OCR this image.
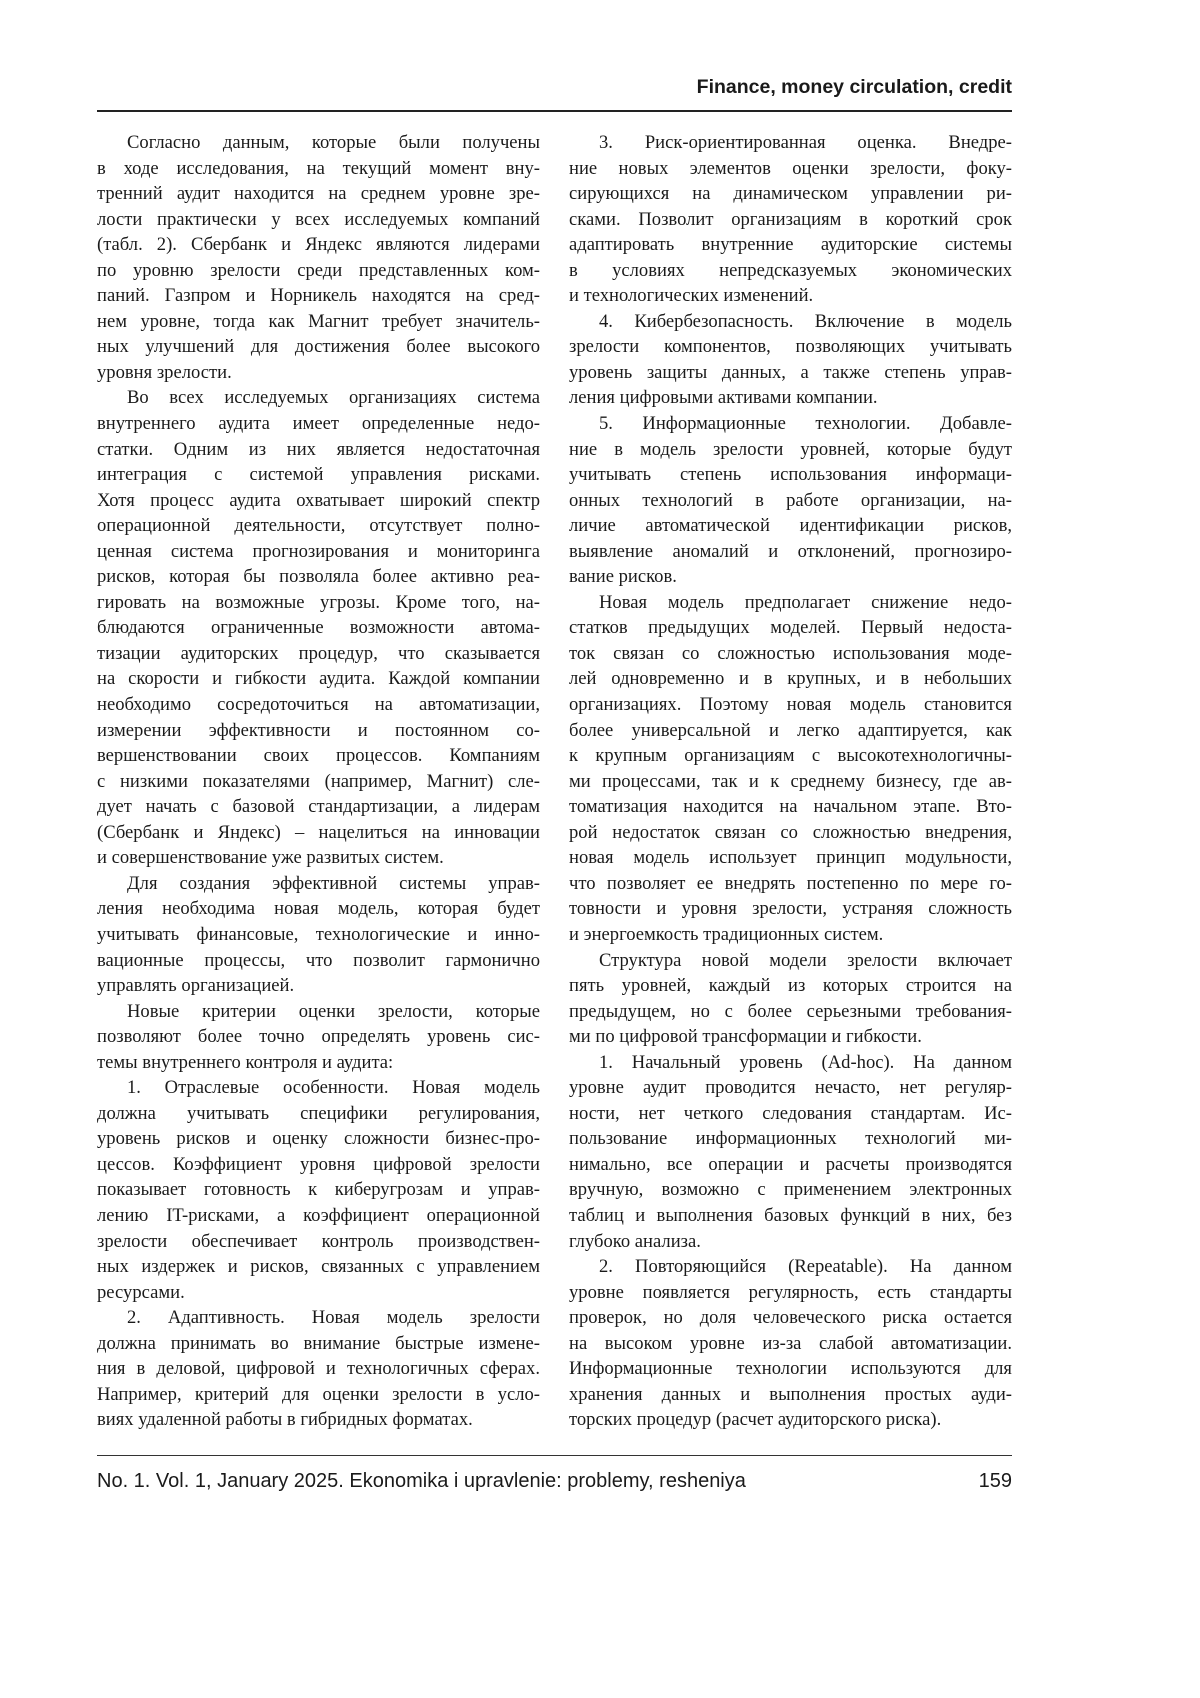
Finance, money circulation, credit
Согласно данным, которые были получены
в ходе исследования, на текущий момент вну-
тренний аудит находится на среднем уровне зре-
лости практически у всех исследуемых компаний
(табл. 2). Сбербанк и Яндекс являются лидерами
по уровню зрелости среди представленных ком-
паний. Газпром и Норникель находятся на сред-
нем уровне, тогда как Магнит требует значитель-
ных улучшений для достижения более высокого
уровня зрелости.
Во всех исследуемых организациях система
внутреннего аудита имеет определенные недо-
статки. Одним из них является недостаточная
интеграция с системой управления рисками.
Хотя процесс аудита охватывает широкий спектр
операционной деятельности, отсутствует полно-
ценная система прогнозирования и мониторинга
рисков, которая бы позволяла более активно реа-
гировать на возможные угрозы. Кроме того, на-
блюдаются ограниченные возможности автома-
тизации аудиторских процедур, что сказывается
на скорости и гибкости аудита. Каждой компании
необходимо сосредоточиться на автоматизации,
измерении эффективности и постоянном со-
вершенствовании своих процессов. Компаниям
с низкими показателями (например, Магнит) сле-
дует начать с базовой стандартизации, а лидерам
(Сбербанк и Яндекс) – нацелиться на инновации
и совершенствование уже развитых систем.
Для создания эффективной системы управ-
ления необходима новая модель, которая будет
учитывать финансовые, технологические и инно-
вационные процессы, что позволит гармонично
управлять организацией.
Новые критерии оценки зрелости, которые
позволяют более точно определять уровень сис-
темы внутреннего контроля и аудита:
1. Отраслевые особенности. Новая модель
должна учитывать специфики регулирования,
уровень рисков и оценку сложности бизнес-про-
цессов. Коэффициент уровня цифровой зрелости
показывает готовность к киберугрозам и управ-
лению IT-рисками, а коэффициент операционной
зрелости обеспечивает контроль производствен-
ных издержек и рисков, связанных с управлением
ресурсами.
2. Адаптивность. Новая модель зрелости
должна принимать во внимание быстрые измене-
ния в деловой, цифровой и технологичных сферах.
Например, критерий для оценки зрелости в усло-
виях удаленной работы в гибридных форматах.
3. Риск-ориентированная оценка. Внедре-
ние новых элементов оценки зрелости, фоку-
сирующихся на динамическом управлении ри-
сками. Позволит организациям в короткий срок
адаптировать внутренние аудиторские системы
в условиях непредсказуемых экономических
и технологических изменений.
4. Кибербезопасность. Включение в модель
зрелости компонентов, позволяющих учитывать
уровень защиты данных, а также степень управ-
ления цифровыми активами компании.
5. Информационные технологии. Добавле-
ние в модель зрелости уровней, которые будут
учитывать степень использования информаци-
онных технологий в работе организации, на-
личие автоматической идентификации рисков,
выявление аномалий и отклонений, прогнозиро-
вание рисков.
Новая модель предполагает снижение недо-
статков предыдущих моделей. Первый недоста-
ток связан со сложностью использования моде-
лей одновременно и в крупных, и в небольших
организациях. Поэтому новая модель становится
более универсальной и легко адаптируется, как
к крупным организациям с высокотехнологичны-
ми процессами, так и к среднему бизнесу, где ав-
томатизация находится на начальном этапе. Вто-
рой недостаток связан со сложностью внедрения,
новая модель использует принцип модульности,
что позволяет ее внедрять постепенно по мере го-
товности и уровня зрелости, устраняя сложность
и энергоемкость традиционных систем.
Структура новой модели зрелости включает
пять уровней, каждый из которых строится на
предыдущем, но с более серьезными требования-
ми по цифровой трансформации и гибкости.
1. Начальный уровень (Ad-hoc). На данном
уровне аудит проводится нечасто, нет регуляр-
ности, нет четкого следования стандартам. Ис-
пользование информационных технологий ми-
нимально, все операции и расчеты производятся
вручную, возможно с применением электронных
таблиц и выполнения базовых функций в них, без
глубоко анализа.
2. Повторяющийся (Repeatable). На данном
уровне появляется регулярность, есть стандарты
проверок, но доля человеческого риска остается
на высоком уровне из-за слабой автоматизации.
Информационные технологии используются для
хранения данных и выполнения простых ауди-
торских процедур (расчет аудиторского риска).
No. 1. Vol. 1, January 2025. Ekonomika i upravlenie: problemy, resheniya	159
